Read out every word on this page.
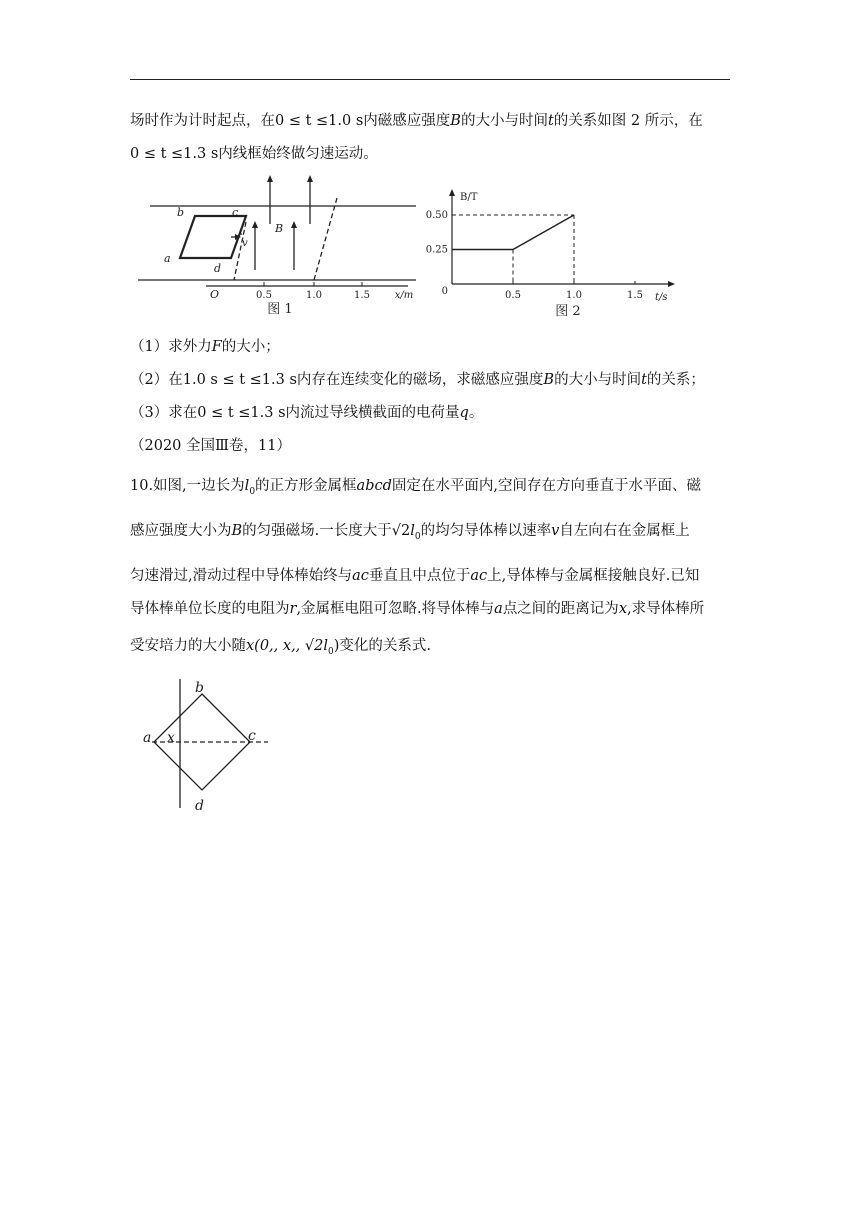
场时作为计时起点，在0 ≤ t ≤1.0 s内磁感应强度B的大小与时间t的关系如图 2 所示，在
0 ≤ t ≤1.3 s内线框始终做匀速运动。
b	c
a
d
v
B
O	0.5	1.0	1.5 x/m
图 1
B/T
t/s
0
0.50
0.25
0.5	1.0	1.5
图 2
（1）求外力F的大小；
（2）在1.0 s ≤ t ≤1.3 s内存在连续变化的磁场，求磁感应强度B的大小与时间t的关系；
（3）求在0 ≤ t ≤1.3 s内流过导线横截面的电荷量q。
（2020 全国Ⅲ卷，11）
10.如图,一边长为$l_0$的正方形金属框abcd固定在水平面内,空间存在方向垂直于水平面、磁
感应强度大小为B的匀强磁场.一长度大于$√2l_0$的均匀导体棒以速率v自左向右在金属框上
匀速滑过,滑动过程中导体棒始终与ac垂直且中点位于ac上,导体棒与金属框接触良好.已知
导体棒单位长度的电阻为r,金属框电阻可忽略.将导体棒与a点之间的距离记为x,求导体棒所
受安培力的大小随x(0,, x,, $√2l_0$)变化的关系式.
a
b
c
d
x
